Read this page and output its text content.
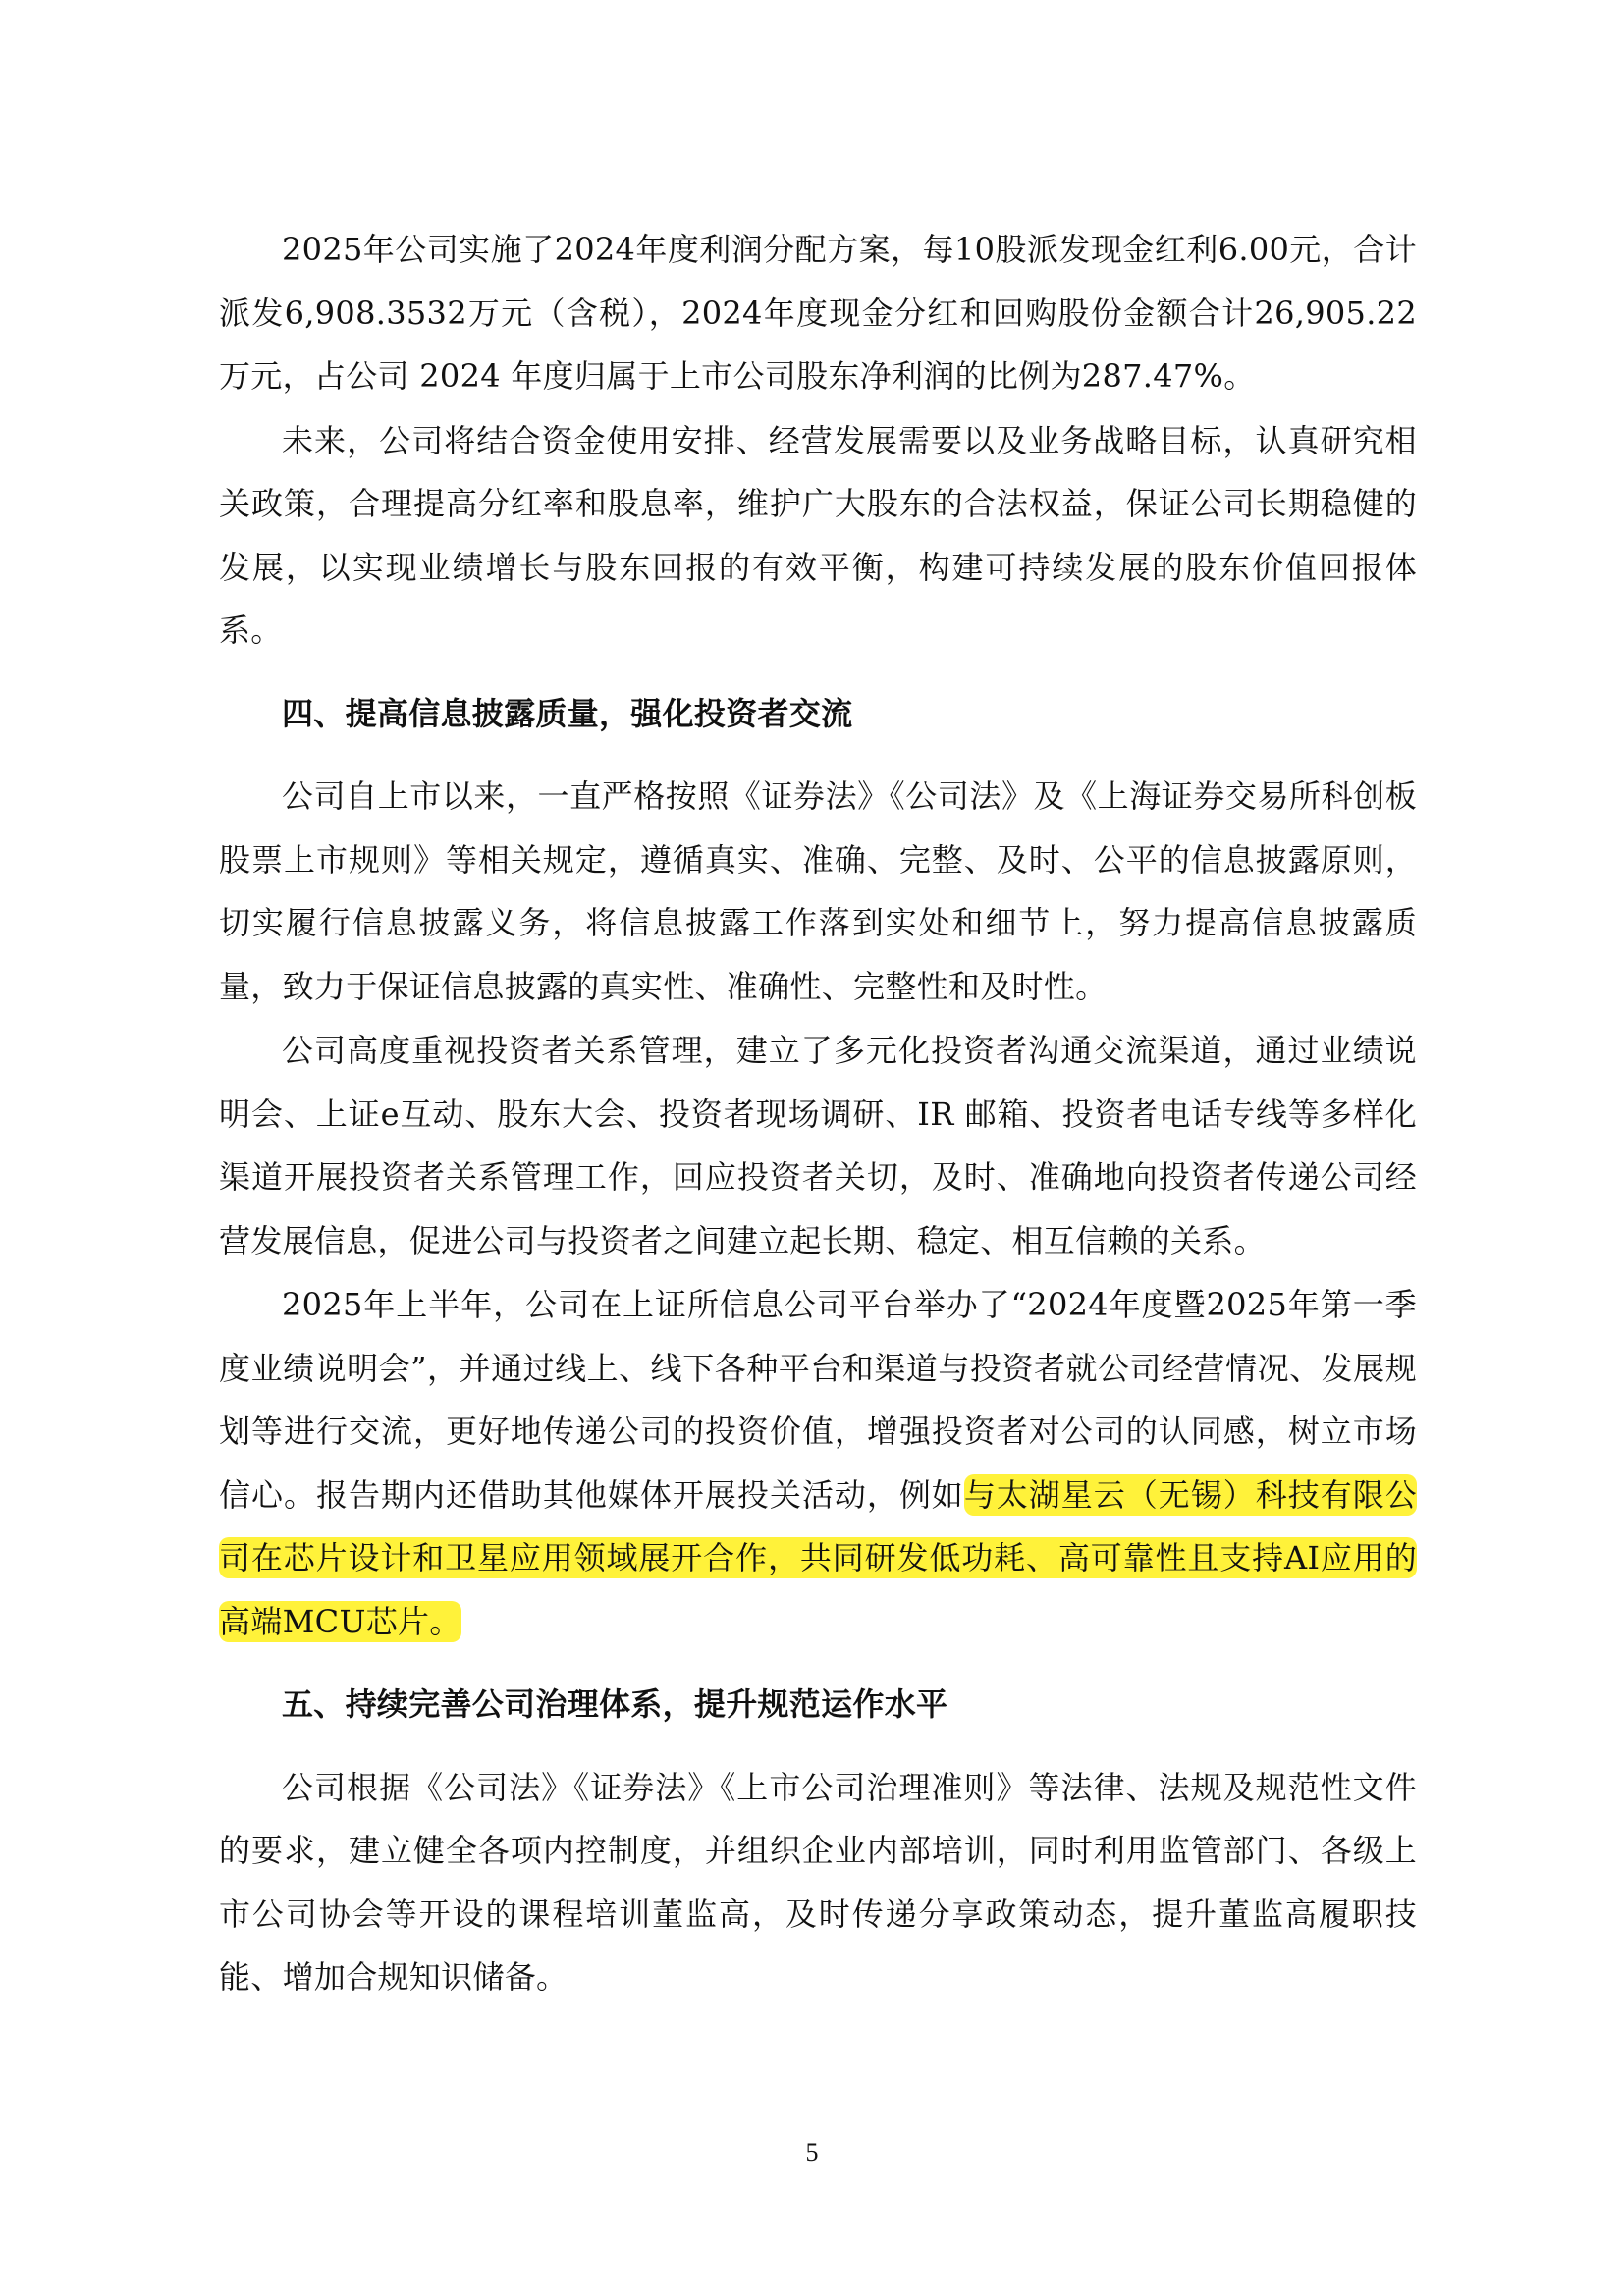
2025年公司实施了2024年度利润分配方案，每10股派发现金红利6.00元，合计派发6,908.3532万元（含税），2024年度现金分红和回购股份金额合计26,905.22万元，占公司 2024 年度归属于上市公司股东净利润的比例为287.47%。

未来，公司将结合资金使用安排、经营发展需要以及业务战略目标，认真研究相关政策，合理提高分红率和股息率，维护广大股东的合法权益，保证公司长期稳健的发展，以实现业绩增长与股东回报的有效平衡，构建可持续发展的股东价值回报体系。

四、提高信息披露质量，强化投资者交流

公司自上市以来，一直严格按照《证券法》《公司法》及《上海证券交易所科创板股票上市规则》等相关规定，遵循真实、准确、完整、及时、公平的信息披露原则，切实履行信息披露义务，将信息披露工作落到实处和细节上，努力提高信息披露质量，致力于保证信息披露的真实性、准确性、完整性和及时性。

公司高度重视投资者关系管理，建立了多元化投资者沟通交流渠道，通过业绩说明会、上证e互动、股东大会、投资者现场调研、IR 邮箱、投资者电话专线等多样化渠道开展投资者关系管理工作，回应投资者关切，及时、准确地向投资者传递公司经营发展信息，促进公司与投资者之间建立起长期、稳定、相互信赖的关系。

2025年上半年，公司在上证所信息公司平台举办了“2024年度暨2025年第一季度业绩说明会”，并通过线上、线下各种平台和渠道与投资者就公司经营情况、发展规划等进行交流，更好地传递公司的投资价值，增强投资者对公司的认同感，树立市场信心。报告期内还借助其他媒体开展投关活动，例如与太湖星云（无锡）科技有限公司在芯片设计和卫星应用领域展开合作，共同研发低功耗、高可靠性且支持AI应用的高端MCU芯片。

五、持续完善公司治理体系，提升规范运作水平

公司根据《公司法》《证券法》《上市公司治理准则》等法律、法规及规范性文件的要求，建立健全各项内控制度，并组织企业内部培训，同时利用监管部门、各级上市公司协会等开设的课程培训董监高，及时传递分享政策动态，提升董监高履职技能、增加合规知识储备。

5
